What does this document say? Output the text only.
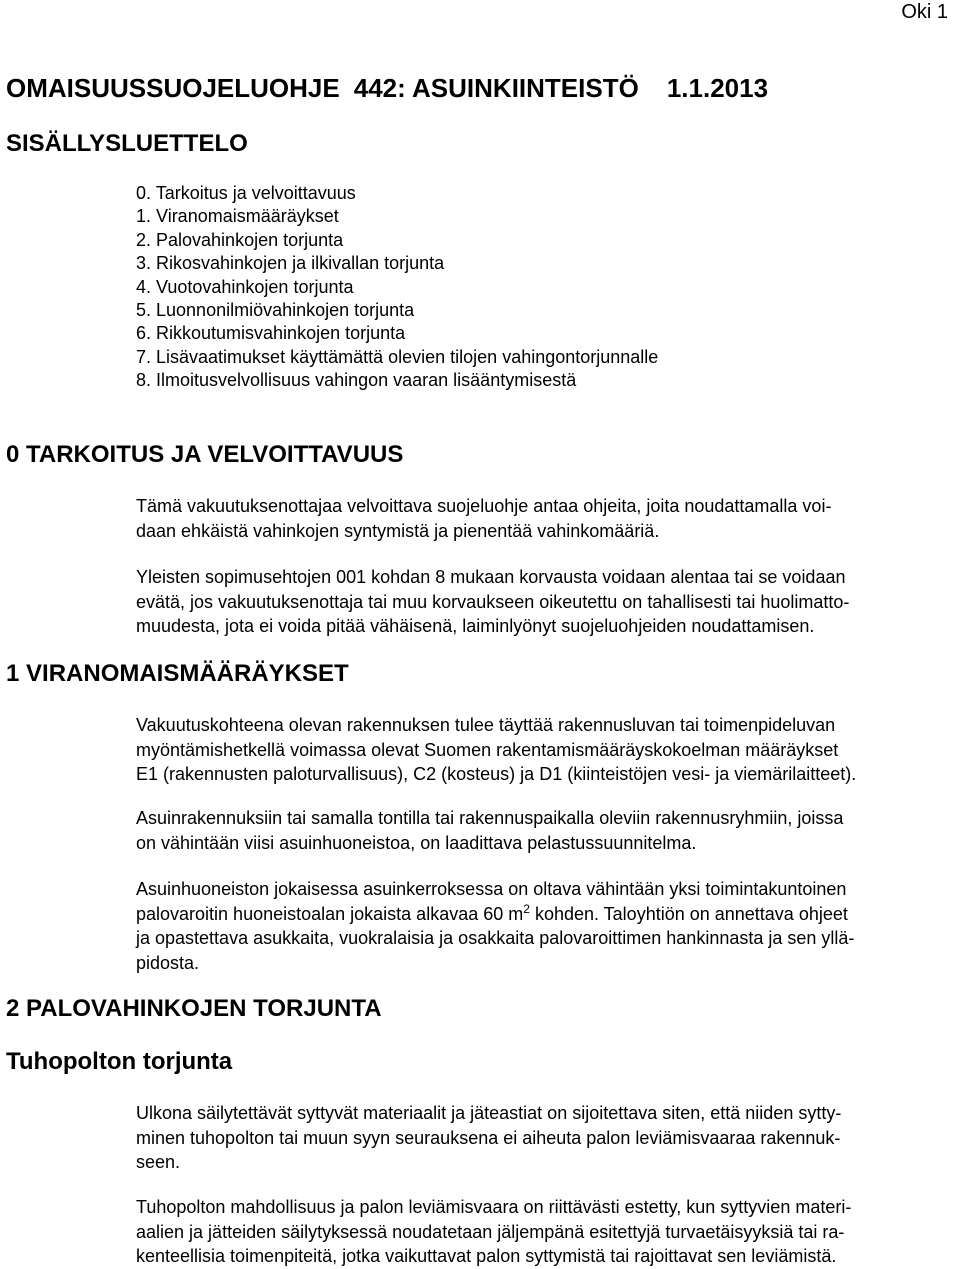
Oki 1
OMAISUUSSUOJELUOHJE 442: ASUINKIINTEISTÖ 1.1.2013
SISÄLLYSLUETTELO
0. Tarkoitus ja velvoittavuus
1. Viranomaismääräykset
2. Palovahinkojen torjunta
3. Rikosvahinkojen ja ilkivallan torjunta
4. Vuotovahinkojen torjunta
5. Luonnonilmiövahinkojen torjunta
6. Rikkoutumisvahinkojen torjunta
7. Lisävaatimukset käyttämättä olevien tilojen vahingontorjunnalle
8. Ilmoitusvelvollisuus vahingon vaaran lisääntymisestä
0 TARKOITUS JA VELVOITTAVUUS

Tämä vakuutuksenottajaa velvoittava suojeluohje antaa ohjeita, joita noudattamalla voi-
daan ehkäistä vahinkojen syntymistä ja pienentää vahinkomääriä.

Yleisten sopimusehtojen 001 kohdan 8 mukaan korvausta voidaan alentaa tai se voidaan
evätä, jos vakuutuksenottaja tai muu korvaukseen oikeutettu on tahallisesti tai huolimatto-
muudesta, jota ei voida pitää vähäisenä, laiminlyönyt suojeluohjeiden noudattamisen.

1 VIRANOMAISMÄÄRÄYKSET

Vakuutuskohteena olevan rakennuksen tulee täyttää rakennusluvan tai toimenpideluvan
myöntämishetkellä voimassa olevat Suomen rakentamismääräyskokoelman määräykset
E1 (rakennusten paloturvallisuus), C2 (kosteus) ja D1 (kiinteistöjen vesi- ja viemärilaitteet).

Asuinrakennuksiin tai samalla tontilla tai rakennuspaikalla oleviin rakennusryhmiin, joissa
on vähintään viisi asuinhuoneistoa, on laadittava pelastussuunnitelma.

Asuinhuoneiston jokaisessa asuinkerroksessa on oltava vähintään yksi toimintakuntoinen
palovaroitin huoneistoalan jokaista alkavaa 60 $m^2$ kohden. Taloyhtiön on annettava ohjeet
ja opastettava asukkaita, vuokralaisia ja osakkaita palovaroittimen hankinnasta ja sen yllä-
pidosta.

2 PALOVAHINKOJEN TORJUNTA
Tuhopolton torjunta

Ulkona säilytettävät syttyvät materiaalit ja jäteastiat on sijoitettava siten, että niiden sytty-
minen tuhopolton tai muun syyn seurauksena ei aiheuta palon leviämisvaaraa rakennuk-
seen.

Tuhopolton mahdollisuus ja palon leviämisvaara on riittävästi estetty, kun syttyvien materi-
aalien ja jätteiden säilytyksessä noudatetaan jäljempänä esitettyjä turvaetäisyyksiä tai ra-
kenteellisia toimenpiteitä, jotka vaikuttavat palon syttymistä tai rajoittavat sen leviämistä.
